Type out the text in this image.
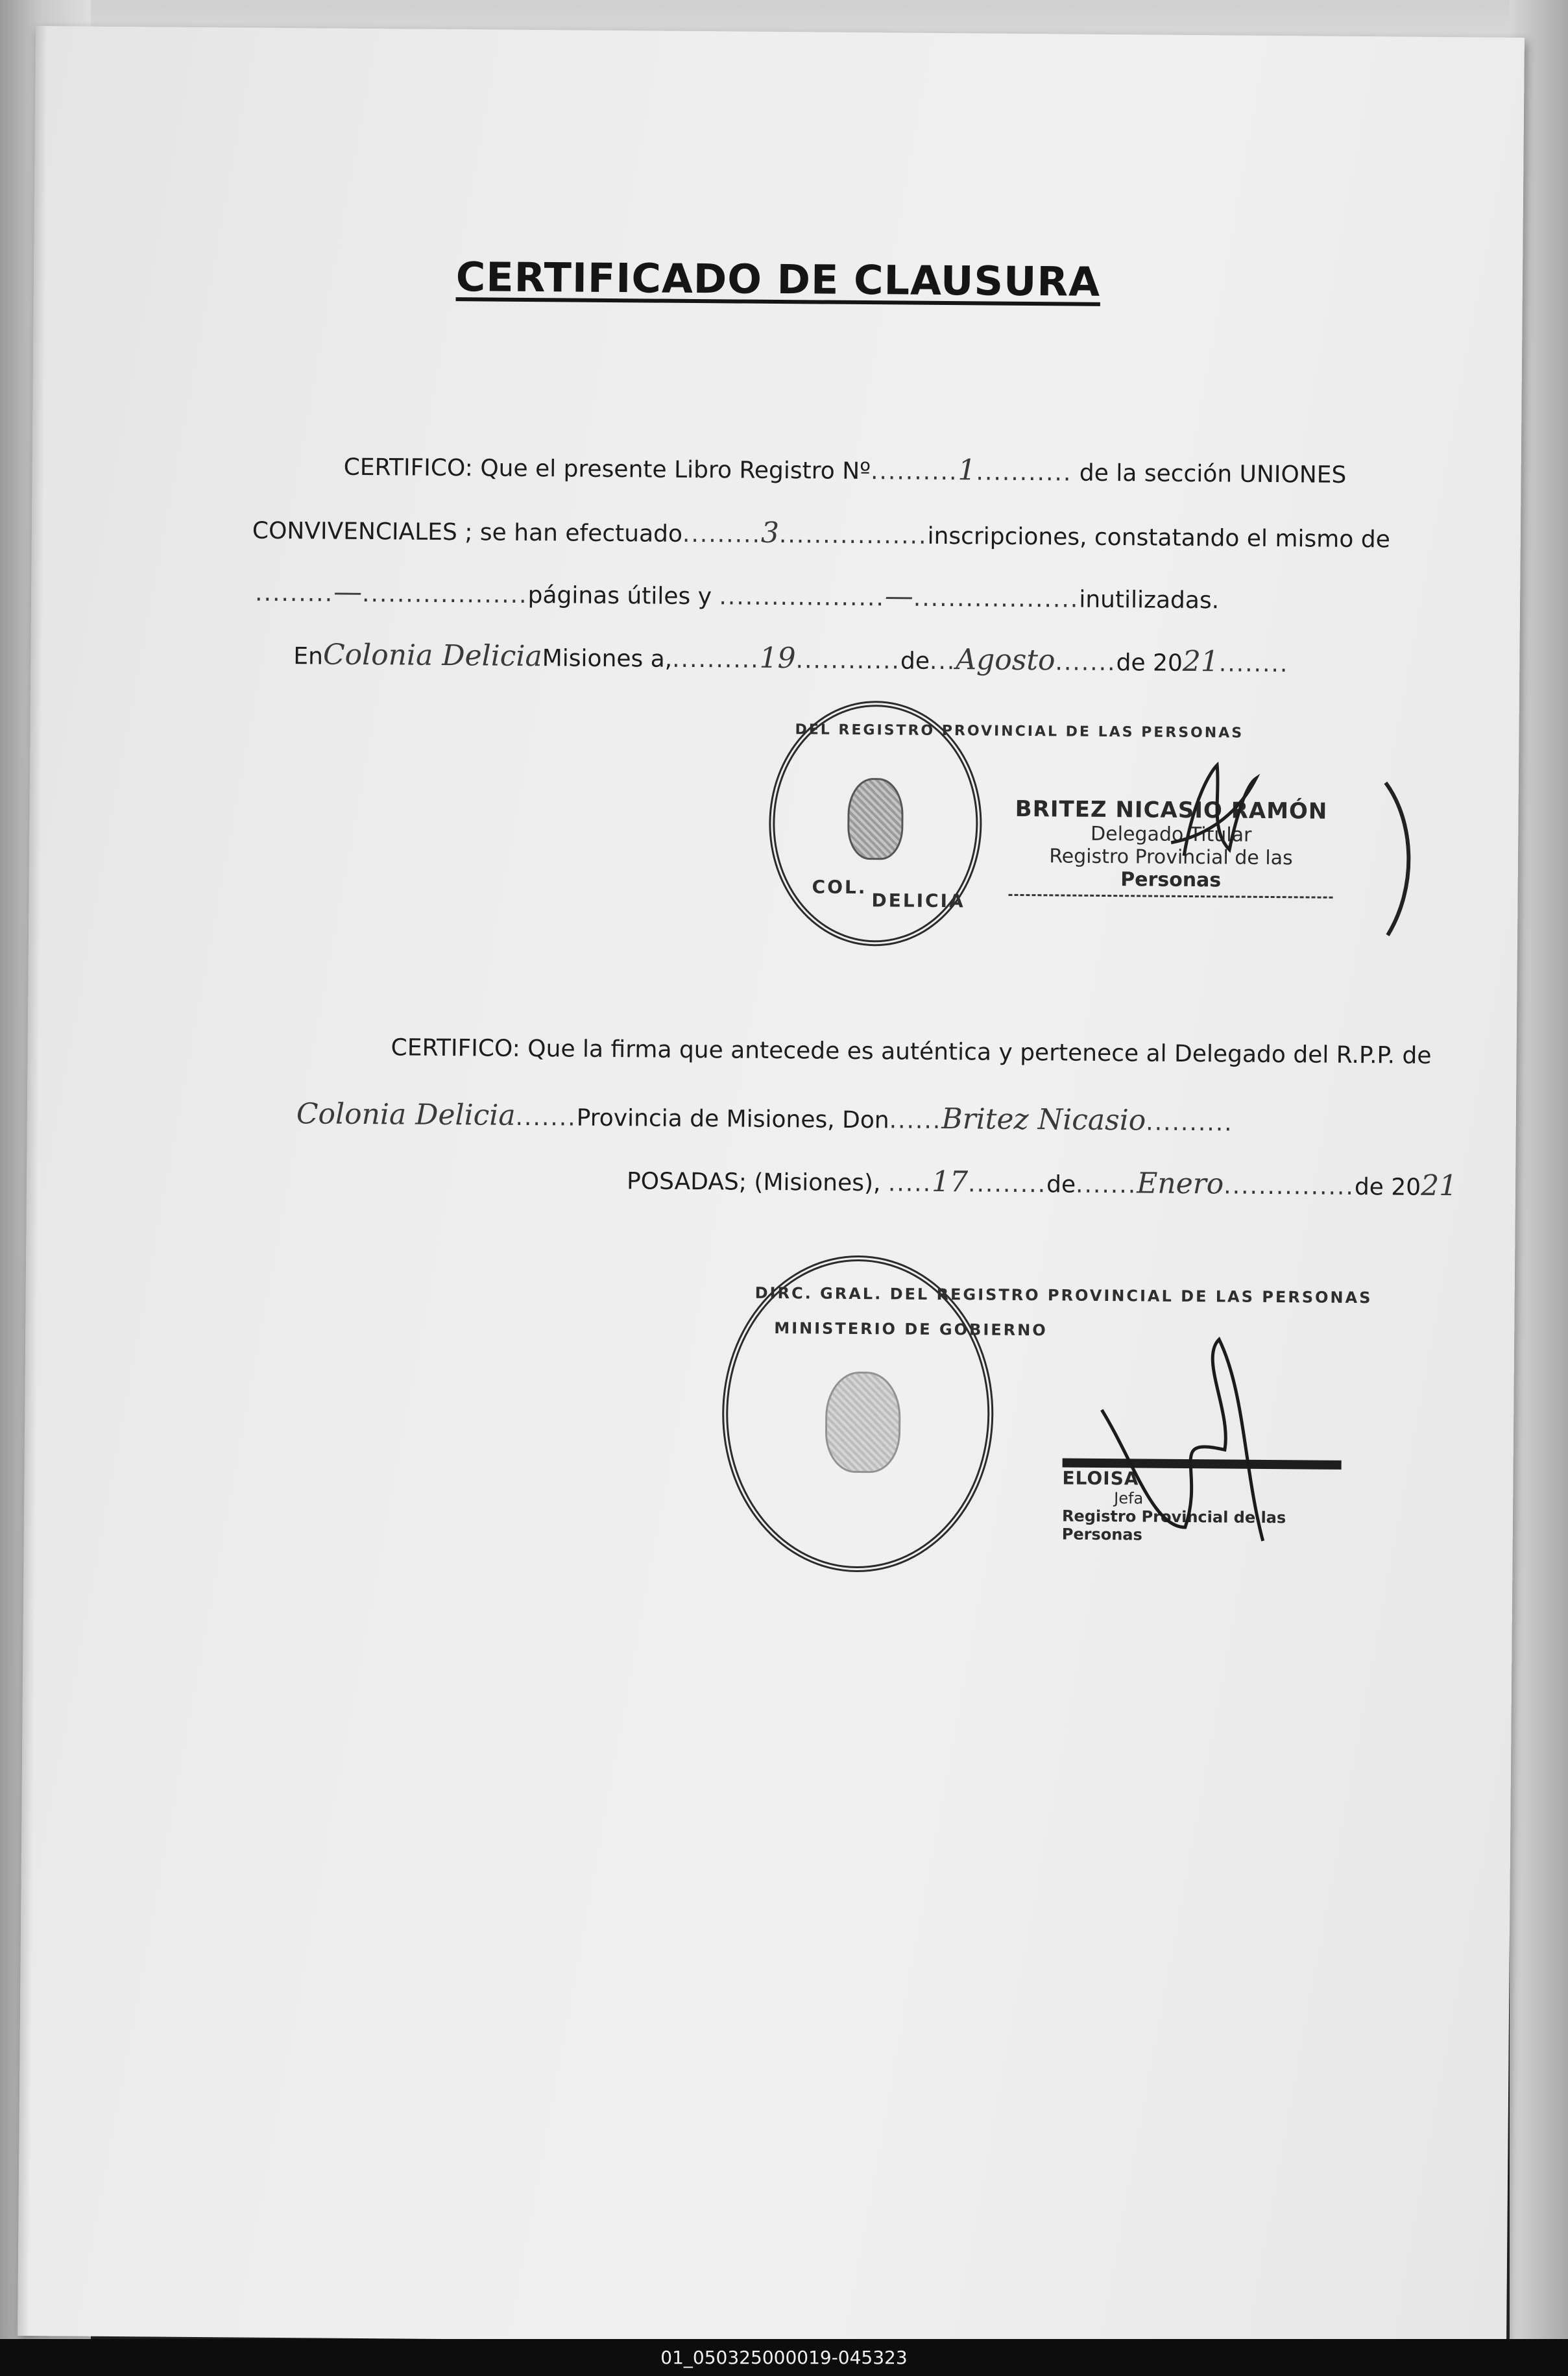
CERTIFICADO DE CLAUSURA
CERTIFICO: Que el presente Libro Registro Nº..........1........... de la sección UNIONES
CONVIVENCIALES ; se han efectuado.........3.................inscripciones, constatando el mismo de
.........—...................páginas útiles y ...................—...................inutilizadas.
EnColonia DeliciaMisiones a,..........19............de...Agosto.......de 2021........
DEL REGISTRO PROVINCIAL DE LAS PERSONAS
COL.
DELICIA
BRITEZ NICASIO RAMÓN
Delegado Titular
Registro Provincial de las
Personas
CERTIFICO: Que la firma que antecede es auténtica y pertenece al Delegado del R.P.P. de
Colonia Delicia.......Provincia de Misiones, Don......Britez Nicasio..........
POSADAS; (Misiones), .....17.........de.......Enero...............de 2021
DIRC. GRAL. DEL REGISTRO PROVINCIAL DE LAS PERSONAS
MINISTERIO DE GOBIERNO
ELOISA
Jefa
Registro Provincial de las Personas
01_050325000019-045323
